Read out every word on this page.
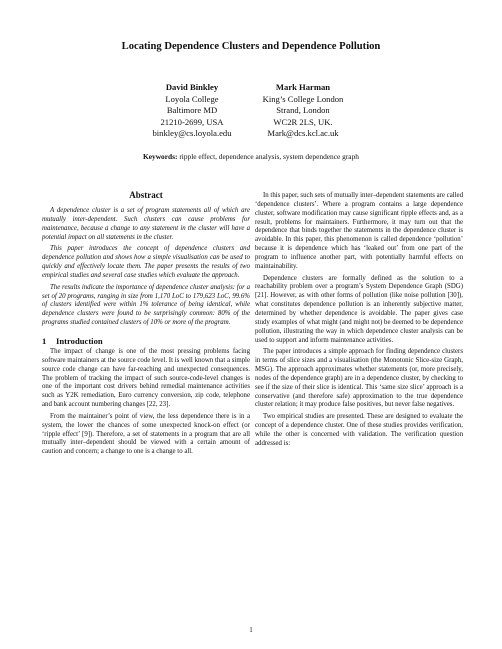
Locating Dependence Clusters and Dependence Pollution
David Binkley
Loyola College
Baltimore MD
21210-2699, USA
binkley@cs.loyola.edu
Mark Harman
King’s College London
Strand, London
WC2R 2LS, UK.
Mark@dcs.kcl.ac.uk
Keywords: ripple effect, dependence analysis, system dependence graph
Abstract

A dependence cluster is a set of program statements all of which are mutually inter-dependent. Such clusters can cause problems for maintenance, because a change to any statement in the cluster will have a potential impact on all statements in the cluster.

This paper introduces the concept of dependence clusters and dependence pollution and shows how a simple visualisation can be used to quickly and effectively locate them. The paper presents the results of two empirical studies and several case studies which evaluate the approach.

The results indicate the importance of dependence cluster analysis: for a set of 20 programs, ranging in size from 1,170 LoC to 179,623 LoC, 99.6% of clusters identified were within 1% tolerance of being identical, while dependence clusters were found to be surprisingly common: 80% of the programs studied contained clusters of 10% or more of the program.

1 Introduction

The impact of change is one of the most pressing problems facing software maintainers at the source code level. It is well known that a simple source code change can have far-reaching and unexpected consequences. The problem of tracking the impact of such source-code-level changes is one of the important cost drivers behind remedial maintenance activities such as Y2K remediation, Euro currency conversion, zip code, telephone and bank account numbering changes [22, 23].

From the maintainer’s point of view, the less dependence there is in a system, the lower the chances of some unexpected knock-on effect (or ‘ripple effect’ [9]). Therefore, a set of statements in a program that are all mutually inter–dependent should be viewed with a certain amount of caution and concern; a change to one is a change to all.

In this paper, such sets of mutually inter–dependent statements are called ‘dependence clusters’. Where a program contains a large dependence cluster, software modification may cause significant ripple effects and, as a result, problems for maintainers. Furthermore, it may turn out that the dependence that binds together the statements in the dependence cluster is avoidable. In this paper, this phenomenon is called dependence ‘pollution’ because it is dependence which has ‘leaked out’ from one part of the program to influence another part, with potentially harmful effects on maintainability.

Dependence clusters are formally defined as the solution to a reachability problem over a program’s System Dependence Graph (SDG) [21]. However, as with other forms of pollution (like noise pollution [30]), what constitutes dependence pollution is an inherently subjective matter, determined by whether dependence is avoidable. The paper gives case study examples of what might (and might not) be deemed to be dependence pollution, illustrating the way in which dependence cluster analysis can be used to support and inform maintenance activities.

The paper introduces a simple approach for finding dependence clusters in terms of slice sizes and a visualisation (the Monotonic Slice-size Graph, MSG). The approach approximates whether statements (or, more precisely, nodes of the dependence graph) are in a dependence cluster, by checking to see if the size of their slice is identical. This ‘same size slice’ approach is a conservative (and therefore safe) approximation to the true dependence cluster relation; it may produce false positives, but never false negatives.

Two empirical studies are presented. These are designed to evaluate the concept of a dependence cluster. One of these studies provides verification, while the other is concerned with validation. The verification question addressed is:

1
